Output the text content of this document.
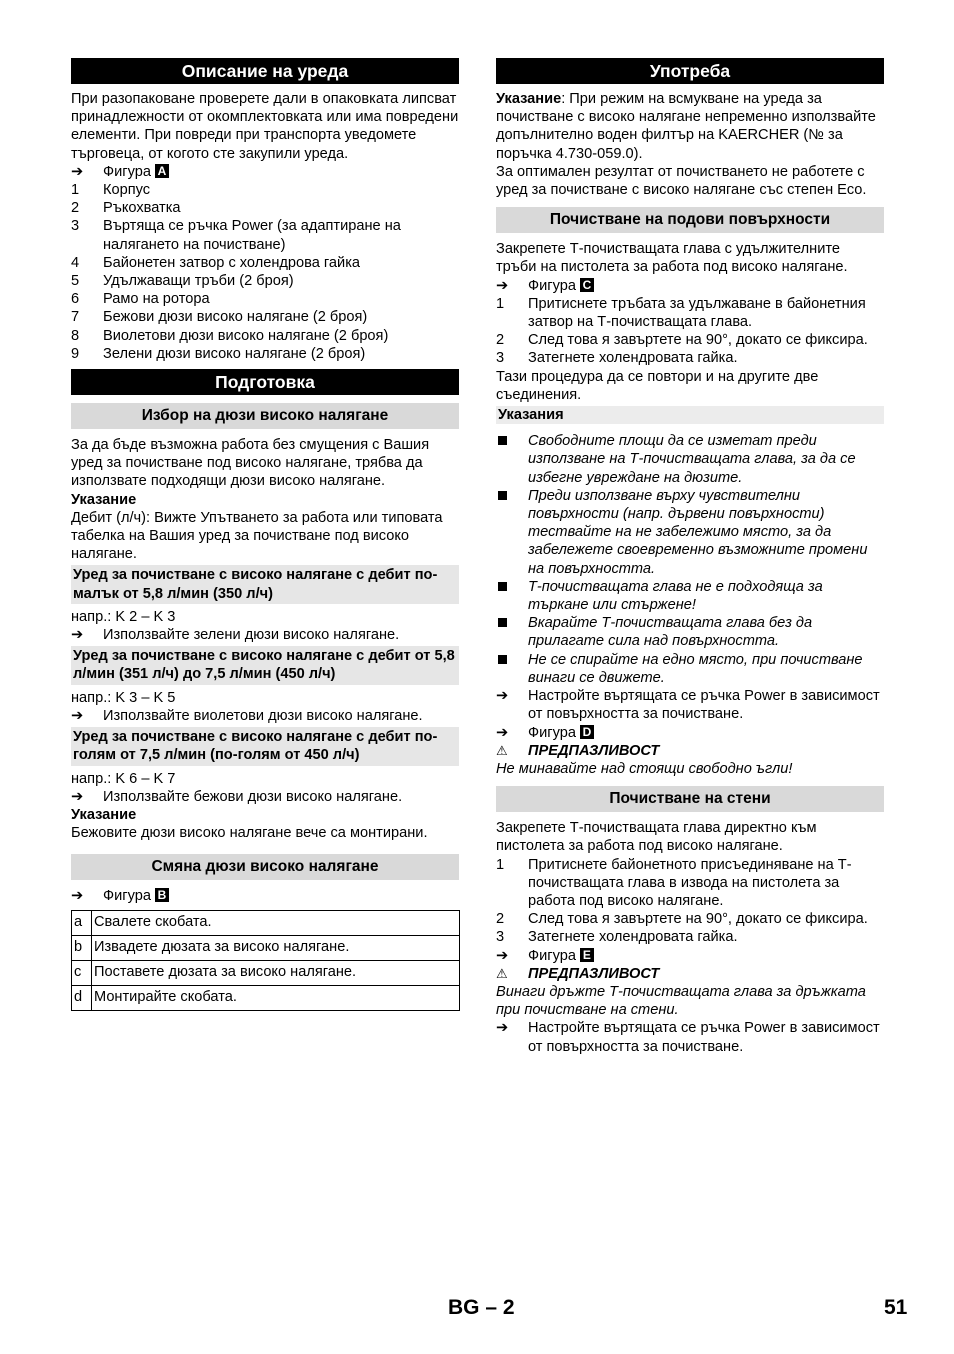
Описание на уреда

При разопаковане проверете дали в опаковката липсват принадлежности от окомплектовката или има повредени елементи. При повреди при транспорта уведомете търговеца, от когото сте закупили уреда.

➔	Фигура A
1	Корпус
2	Ръкохватка
3	Въртяща се ръчка Power (за адаптиране на налягането на почистване)
4	Байонетен затвор с холендрова гайка
5	Удължаващи тръби (2 броя)
6	Рамо на ротора
7	Бежови дюзи високо налягане (2 броя)
8	Виолетови дюзи високо налягане (2 броя)
9	Зелени дюзи високо налягане (2 броя)
Подготовка
Избор на дюзи високо налягане

За да бъде възможна работа без смущения с Вашия уред за почистване под високо налягане, трябва да използвате подходящи дюзи високо налягане.

Указание

Дебит (л/ч): Вижте Упътването за работа или типовата табелка на Вашия уред за почистване под високо налягане.

Уред за почистване с високо налягане с дебит по-малък от 5,8 л/мин (350 л/ч)

напр.: K 2 – K 3

➔	Използвайте зелени дюзи високо налягане.
Уред за почистване с високо налягане с дебит от 5,8 л/мин (351 л/ч) до 7,5 л/мин (450 л/ч)

напр.: K 3 – K 5

➔	Използвайте виолетови дюзи високо налягане.
Уред за почистване с високо налягане с дебит по-голям от 7,5 л/мин (по-голям от 450 л/ч)

напр.: K 6 – K 7

➔	Използвайте бежови дюзи високо налягане.

Указание

Бежовите дюзи високо налягане вече са монтирани.

Смяна дюзи високо налягане
➔	Фигура B
a	Свалете скобата.
b	Извадете дюзата за високо налягане.
c	Поставете дюзата за високо налягане.
d	Монтирайте скобата.
Употреба

Указание: При режим на всмукване на уреда за почистване с високо налягане непременно използвайте допълнително воден филтър на KAERCHER (№ за поръчка 4.730-059.0).

За оптимален резултат от почистването не работете с уред за почистване с високо налягане със степен Eco.

Почистване на подови повърхности

Закрепете Т-почистващата глава с удължителните тръби на пистолета за работа под високо налягане.

➔	Фигура C
1	Притиснете тръбата за удължаване в байонетния затвор на Т-почистващата глава.
2	След това я завъртете на 90°, докато се фиксира.
3	Затегнете холендровата гайка.

Тази процедура да се повтори и на другите две съединения.

Указания
Свободните площи да се изметат преди използване на Т-почистващата глава, за да се избегне увреждане на дюзите.
Преди използване върху чувствителни повърхности (напр. дървени повърхности) тествайте на не забележимо място, за да забележете своевременно възможните промени на повърхността.
Т-почистващата глава не е подходяща за търкане или стържене!
Вкарайте Т-почистващата глава без да прилагате сила над повърхността.
Не се спирайте на едно място, при почистване винаги се движете.
➔	Настройте въртящата се ръчка Power в зависимост от повърхността за почистване.
➔	Фигура D
⚠	ПРЕДПАЗЛИВОСТ

Не минавайте над стоящи свободно ъгли!

Почистване на стени

Закрепете Т-почистващата глава директно към пистолета за работа под високо налягане.

1	Притиснете байонетното присъединяване на Т-почистващата глава в извода на пистолета за работа под високо налягане.
2	След това я завъртете на 90°, докато се фиксира.
3	Затегнете холендровата гайка.
➔	Фигура E
⚠	ПРЕДПАЗЛИВОСТ

Винаги дръжте Т-почистващата глава за дръжката при почистване на стени.

➔	Настройте въртящата се ръчка Power в зависимост от повърхността за почистване.
BG – 2	51
